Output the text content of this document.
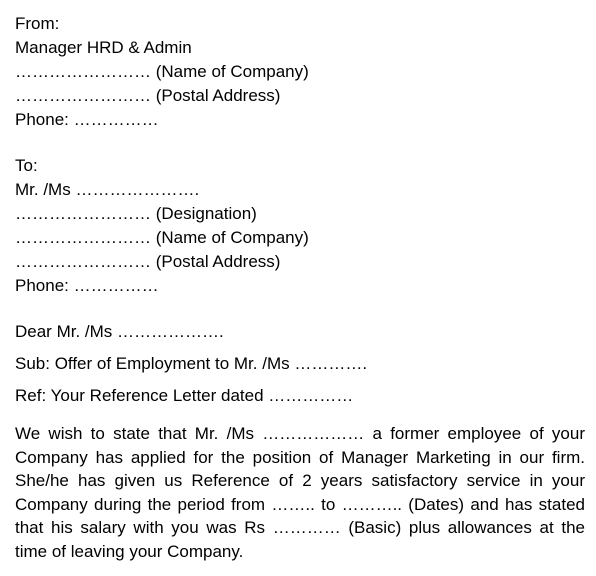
From:
Manager HRD & Admin
…………………… (Name of Company)
…………………… (Postal Address)
Phone: ……………
To:
Mr. /Ms ………………….
…………………… (Designation)
…………………… (Name of Company)
…………………… (Postal Address)
Phone: ……………
Dear Mr. /Ms ……………….
Sub: Offer of Employment to Mr. /Ms ………….
Ref: Your Reference Letter dated ……………
We wish to state that Mr. /Ms ……………… a former employee of your Company has applied for the position of Manager Marketing in our firm. She/he has given us Reference of 2 years satisfactory service in your Company during the period from …….. to ……….. (Dates) and has stated that his salary with you was Rs ………… (Basic) plus allowances at the time of leaving your Company.
